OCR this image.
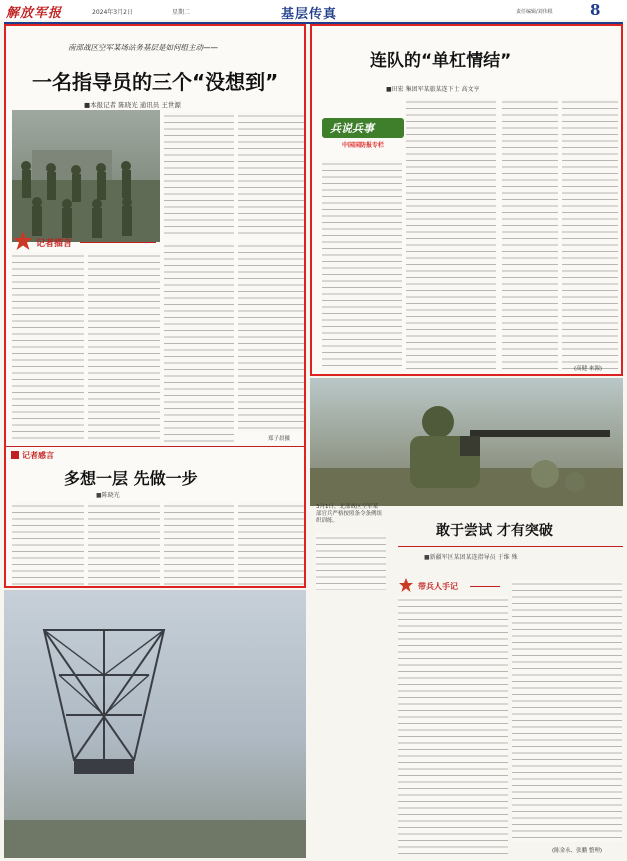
解放军报	2024年3月2日	星期二	基层传真	责任编辑/刘伟根 8
南部战区空军某场站务基层是如何组主动——
一名指导员的三个“没想到”
■本报记者 陈晓光 通讯员 王世源
记者描言
郑子晨摄
记者感言
多想一层 先做一步
■陈晓光
连队的“单杠情结”
■田宏 集团军某旅某连下士 高文亨
兵说兵事
中国国防报专栏
(高健 来源)
3月1日，北部战区空军某部官兵严格按照条令条例组织训练。
敢于尝试 才有突破
■新疆军区某团某连指导员 于维 殊
带兵人手记
(陈金永、张鹏 整理)
